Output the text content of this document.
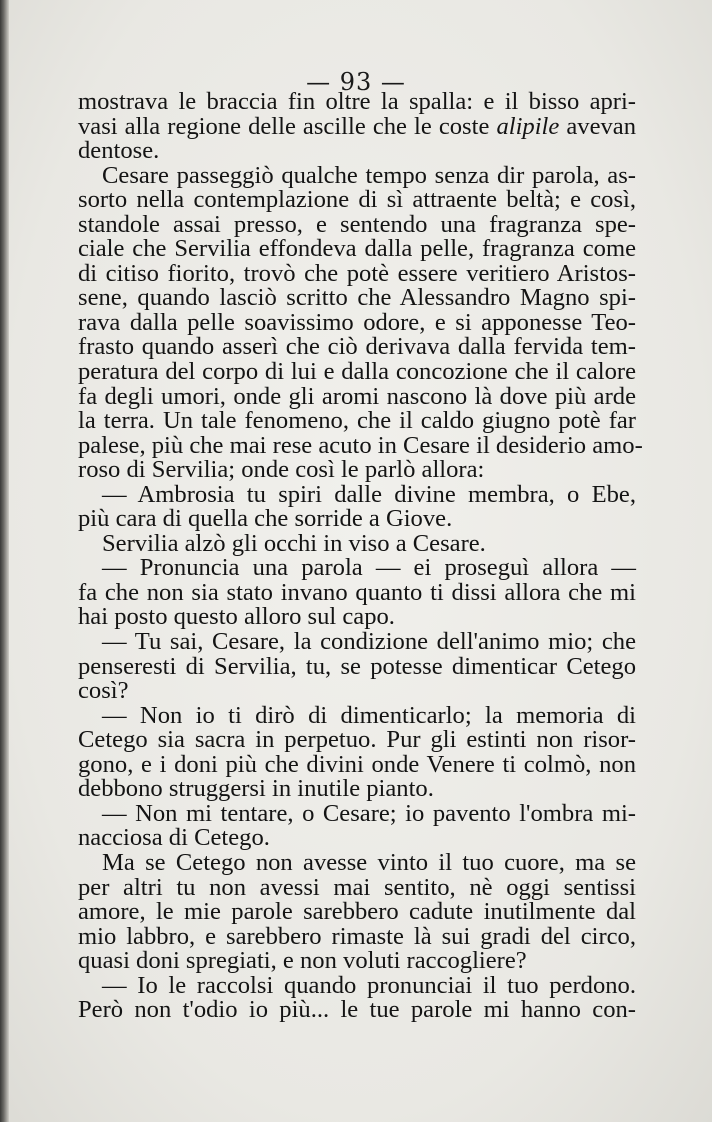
— 93 —
mostrava le braccia fin oltre la spalla: e il bisso apri-
vasi alla regione delle ascille che le coste alipile avevan
dentose.
Cesare passeggiò qualche tempo senza dir parola, as-
sorto nella contemplazione di sì attraente beltà; e così,
standole assai presso, e sentendo una fragranza spe-
ciale che Servilia effondeva dalla pelle, fragranza come
di citiso fiorito, trovò che potè essere veritiero Aristos-
sene, quando lasciò scritto che Alessandro Magno spi-
rava dalla pelle soavissimo odore, e si apponesse Teo-
frasto quando asserì che ciò derivava dalla fervida tem-
peratura del corpo di lui e dalla concozione che il calore
fa degli umori, onde gli aromi nascono là dove più arde
la terra. Un tale fenomeno, che il caldo giugno potè far
palese, più che mai rese acuto in Cesare il desiderio amo-
roso di Servilia; onde così le parlò allora:
— Ambrosia tu spiri dalle divine membra, o Ebe,
più cara di quella che sorride a Giove.
Servilia alzò gli occhi in viso a Cesare.
— Pronuncia una parola — ei proseguì allora —
fa che non sia stato invano quanto ti dissi allora che mi
hai posto questo alloro sul capo.
— Tu sai, Cesare, la condizione dell'animo mio; che
penseresti di Servilia, tu, se potesse dimenticar Cetego
così?
— Non io ti dirò di dimenticarlo; la memoria di
Cetego sia sacra in perpetuo. Pur gli estinti non risor-
gono, e i doni più che divini onde Venere ti colmò, non
debbono struggersi in inutile pianto.
— Non mi tentare, o Cesare; io pavento l'ombra mi-
nacciosa di Cetego.
Ma se Cetego non avesse vinto il tuo cuore, ma se
per altri tu non avessi mai sentito, nè oggi sentissi
amore, le mie parole sarebbero cadute inutilmente dal
mio labbro, e sarebbero rimaste là sui gradi del circo,
quasi doni spregiati, e non voluti raccogliere?
— Io le raccolsi quando pronunciai il tuo perdono.
Però non t'odio io più... le tue parole mi hanno con-
